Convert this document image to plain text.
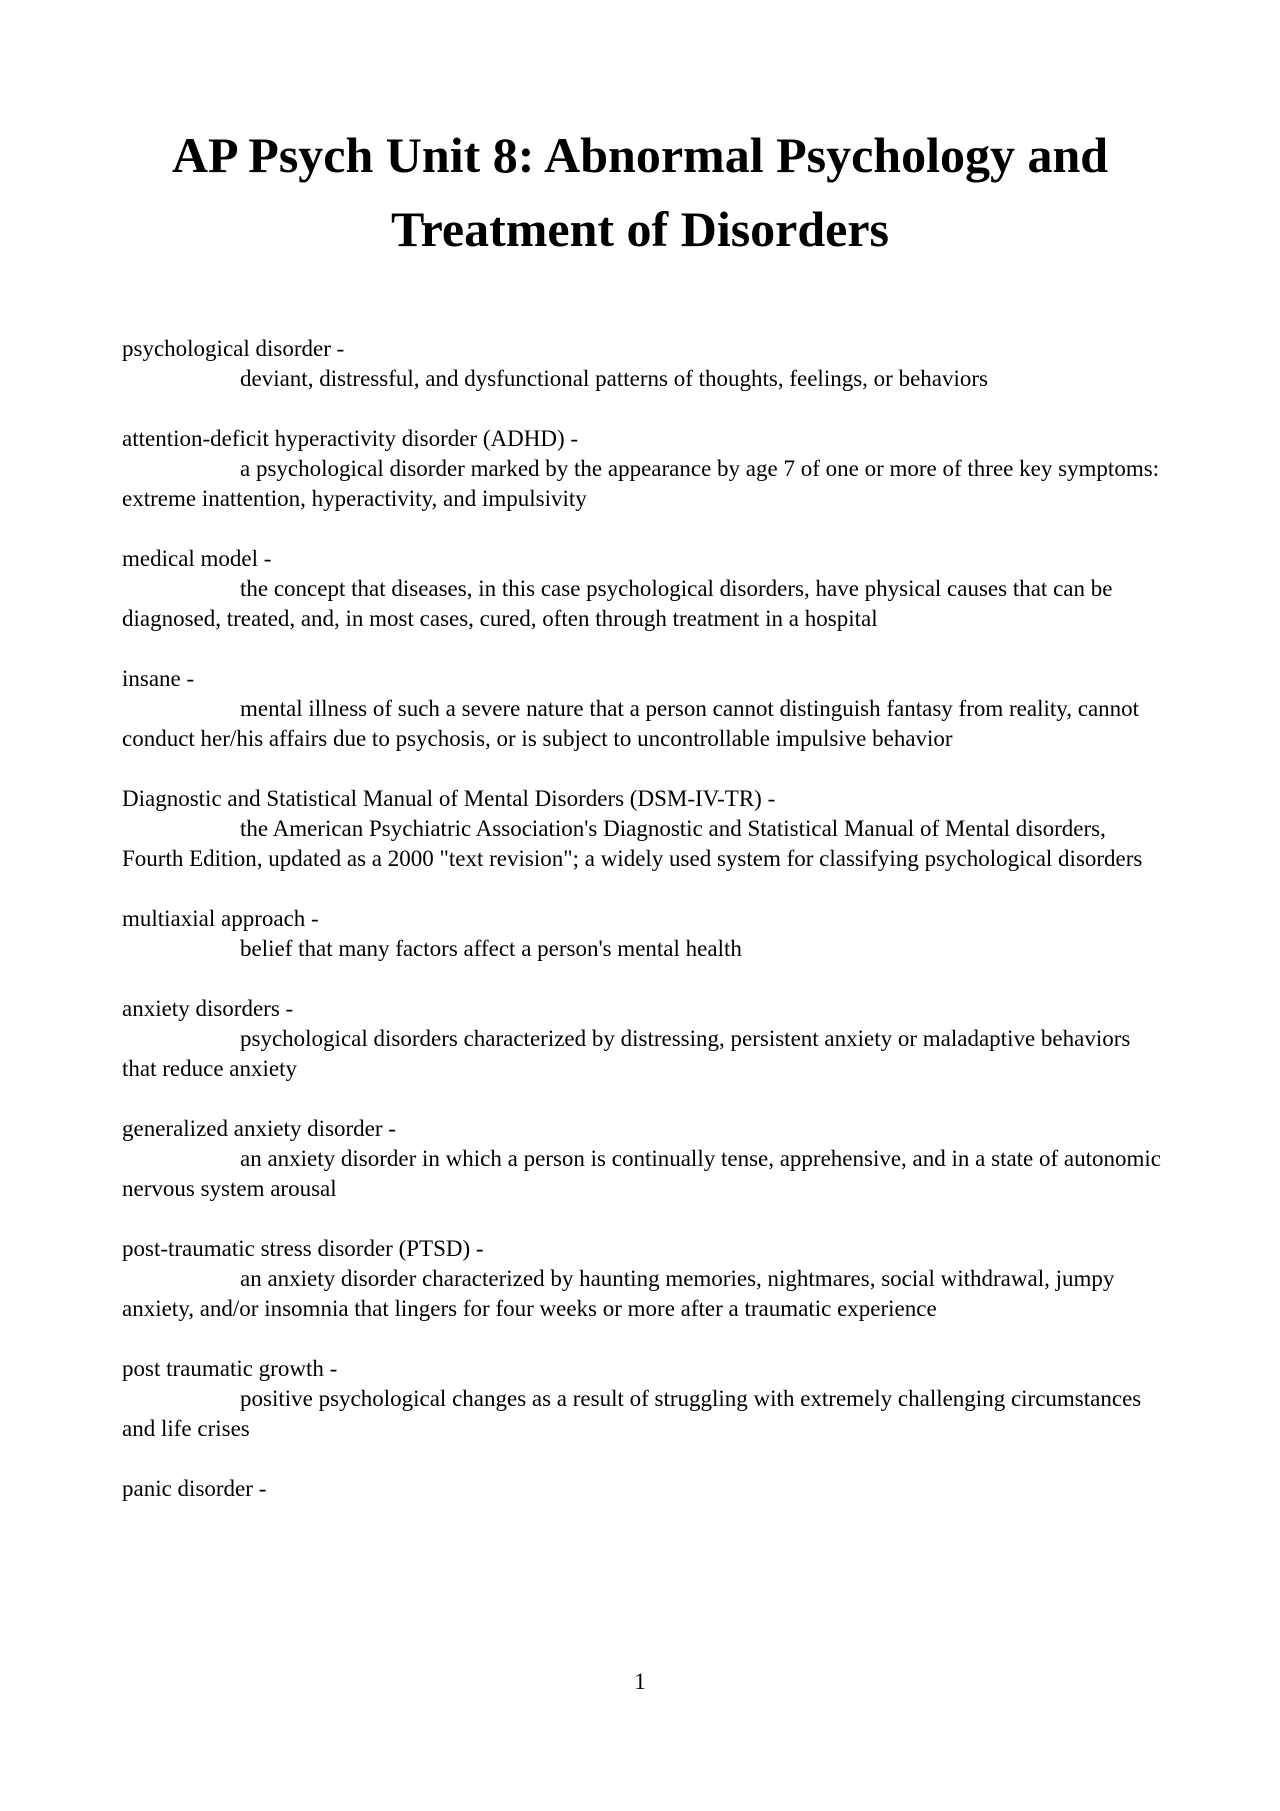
AP Psych Unit 8: Abnormal Psychology and Treatment of Disorders
psychological disorder -
deviant, distressful, and dysfunctional patterns of thoughts, feelings, or behaviors
attention-deficit hyperactivity disorder (ADHD) -
a psychological disorder marked by the appearance by age 7 of one or more of three key symptoms: extreme inattention, hyperactivity, and impulsivity
medical model -
the concept that diseases, in this case psychological disorders, have physical causes that can be diagnosed, treated, and, in most cases, cured, often through treatment in a hospital
insane -
mental illness of such a severe nature that a person cannot distinguish fantasy from reality, cannot conduct her/his affairs due to psychosis, or is subject to uncontrollable impulsive behavior
Diagnostic and Statistical Manual of Mental Disorders (DSM-IV-TR) -
the American Psychiatric Association's Diagnostic and Statistical Manual of Mental disorders, Fourth Edition, updated as a 2000 "text revision"; a widely used system for classifying psychological disorders
multiaxial approach -
belief that many factors affect a person's mental health
anxiety disorders -
psychological disorders characterized by distressing, persistent anxiety or maladaptive behaviors that reduce anxiety
generalized anxiety disorder -
an anxiety disorder in which a person is continually tense, apprehensive, and in a state of autonomic nervous system arousal
post-traumatic stress disorder (PTSD) -
an anxiety disorder characterized by haunting memories, nightmares, social withdrawal, jumpy anxiety, and/or insomnia that lingers for four weeks or more after a traumatic experience
post traumatic growth -
positive psychological changes as a result of struggling with extremely challenging circumstances and life crises
panic disorder -
1
